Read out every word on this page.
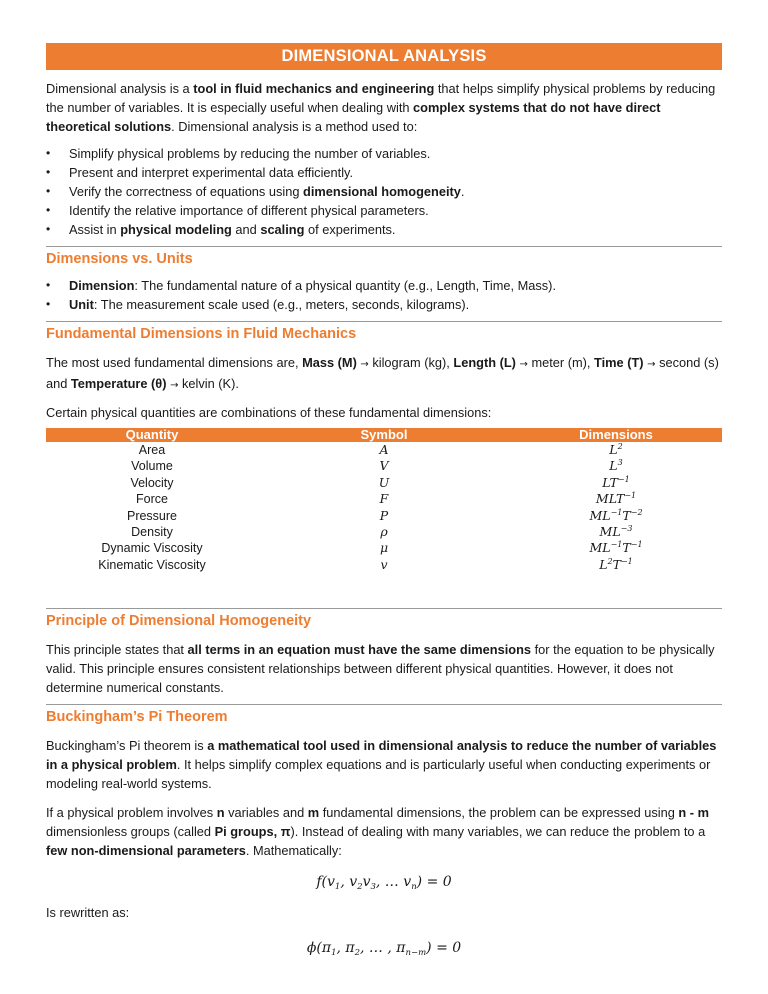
DIMENSIONAL ANALYSIS

Dimensional analysis is a tool in fluid mechanics and engineering that helps simplify physical problems by reducing the number of variables. It is especially useful when dealing with complex systems that do not have direct theoretical solutions. Dimensional analysis is a method used to:

• Simplify physical problems by reducing the number of variables.
• Present and interpret experimental data efficiently.
• Verify the correctness of equations using dimensional homogeneity.
• Identify the relative importance of different physical parameters.
• Assist in physical modeling and scaling of experiments.
Dimensions vs. Units
• Dimension: The fundamental nature of a physical quantity (e.g., Length, Time, Mass).
• Unit: The measurement scale used (e.g., meters, seconds, kilograms).
Fundamental Dimensions in Fluid Mechanics

The most used fundamental dimensions are, Mass (M) → kilogram (kg), Length (L) → meter (m), Time (T) → second (s) and Temperature (θ) → kelvin (K).

Certain physical quantities are combinations of these fundamental dimensions:

Quantity	Symbol	Dimensions
Area	A	$L^2$
Volume	V	$L^3$
Velocity	U	$LT^{-1}$
Force	F	$MLT^{-1}$
Pressure	P	$ML^{-1}T^{-2}$
Density	ρ	$ML^{-3}$
Dynamic Viscosity	μ	$ML^{-1}T^{-1}$
Kinematic Viscosity	v	$L^2T^{-1}$
Principle of Dimensional Homogeneity

This principle states that all terms in an equation must have the same dimensions for the equation to be physically valid. This principle ensures consistent relationships between different physical quantities. However, it does not determine numerical constants.

Buckingham’s Pi Theorem

Buckingham’s Pi theorem is a mathematical tool used in dimensional analysis to reduce the number of variables in a physical problem. It helps simplify complex equations and is particularly useful when conducting experiments or modeling real-world systems.

If a physical problem involves n variables and m fundamental dimensions, the problem can be expressed using n - m dimensionless groups (called Pi groups, π). Instead of dealing with many variables, we can reduce the problem to a few non-dimensional parameters. Mathematically:

$f(v_1$, $v_2v_3$, … $v_n) = 0$

Is rewritten as:

$\phi(\pi_1$, $\pi_2$, … , $\pi_{n-m}) = 0$
